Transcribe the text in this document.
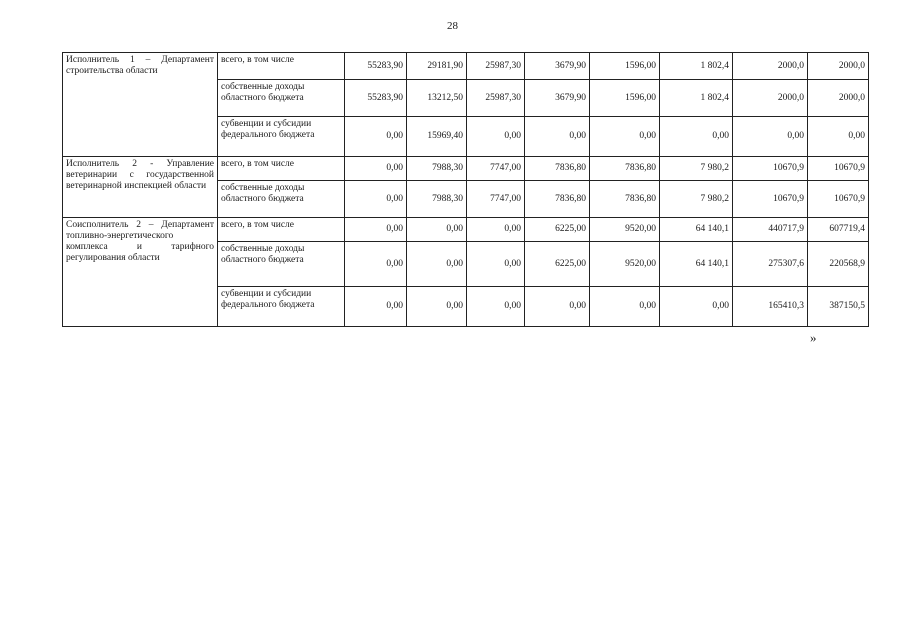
28
Исполнитель 1 – Департамент строительства области	всего, в том числе	55283,90	29181,90	25987,30	3679,90	1596,00	1 802,4	2000,0	2000,0
	собственные доходы областного бюджета	55283,90	13212,50	25987,30	3679,90	1596,00	1 802,4	2000,0	2000,0
	субвенции и субсидии федерального бюджета	0,00	15969,40	0,00	0,00	0,00	0,00	0,00	0,00
Исполнитель 2 - Управление ветеринарии с государственной ветеринарной инспекцией области	всего, в том числе	0,00	7988,30	7747,00	7836,80	7836,80	7 980,2	10670,9	10670,9
	собственные доходы областного бюджета	0,00	7988,30	7747,00	7836,80	7836,80	7 980,2	10670,9	10670,9
Соисполнитель 2 – Департамент топливно-энергетического комплекса и тарифного регулирования области	всего, в том числе	0,00	0,00	0,00	6225,00	9520,00	64 140,1	440717,9	607719,4
	собственные доходы областного бюджета	0,00	0,00	0,00	6225,00	9520,00	64 140,1	275307,6	220568,9
	субвенции и субсидии федерального бюджета	0,00	0,00	0,00	0,00	0,00	0,00	165410,3	387150,5
»
